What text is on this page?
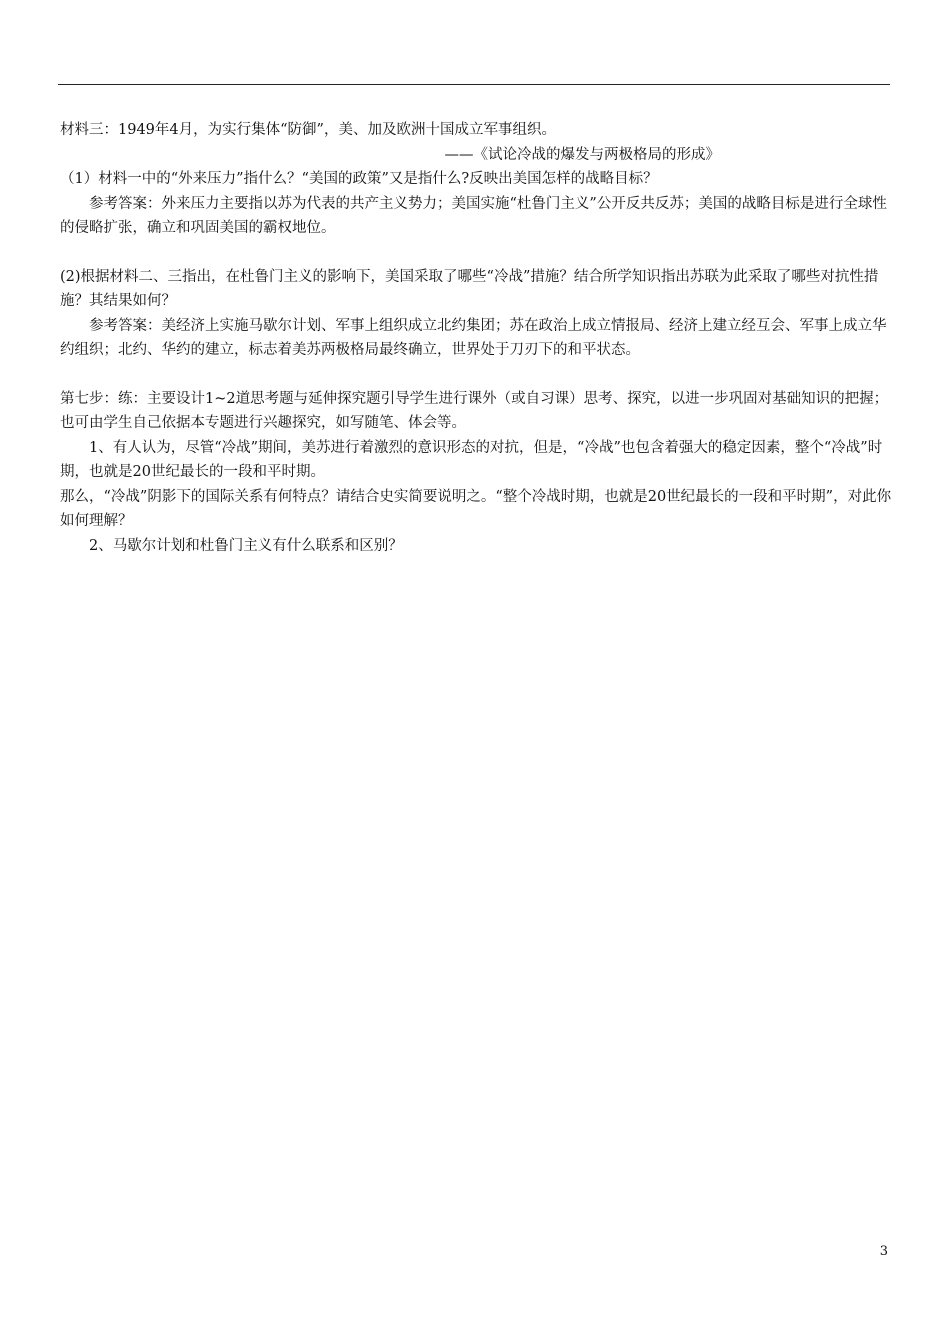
材料三：1949年4月，为实行集体“防御”，美、加及欧洲十国成立军事组织。

——《试论冷战的爆发与两极格局的形成》

（1）材料一中的“外来压力”指什么？“美国的政策”又是指什么?反映出美国怎样的战略目标？

参考答案：外来压力主要指以苏为代表的共产主义势力；美国实施“杜鲁门主义”公开反共反苏；美国的战略目标是进行全球性的侵略扩张，确立和巩固美国的霸权地位。

(2)根据材料二、三指出，在杜鲁门主义的影响下，美国采取了哪些“冷战”措施？结合所学知识指出苏联为此采取了哪些对抗性措施？其结果如何？

参考答案：美经济上实施马歇尔计划、军事上组织成立北约集团；苏在政治上成立情报局、经济上建立经互会、军事上成立华约组织；北约、华约的建立，标志着美苏两极格局最终确立，世界处于刀刃下的和平状态。

第七步：练：主要设计1~2道思考题与延伸探究题引导学生进行课外（或自习课）思考、探究，以进一步巩固对基础知识的把握；也可由学生自己依据本专题进行兴趣探究，如写随笔、体会等。

1、有人认为，尽管“冷战”期间，美苏进行着激烈的意识形态的对抗，但是，“冷战”也包含着强大的稳定因素，整个“冷战”时期，也就是20世纪最长的一段和平时期。

那么，“冷战”阴影下的国际关系有何特点？请结合史实简要说明之。“整个冷战时期，也就是20世纪最长的一段和平时期”，对此你如何理解？

2、马歇尔计划和杜鲁门主义有什么联系和区别？

3
